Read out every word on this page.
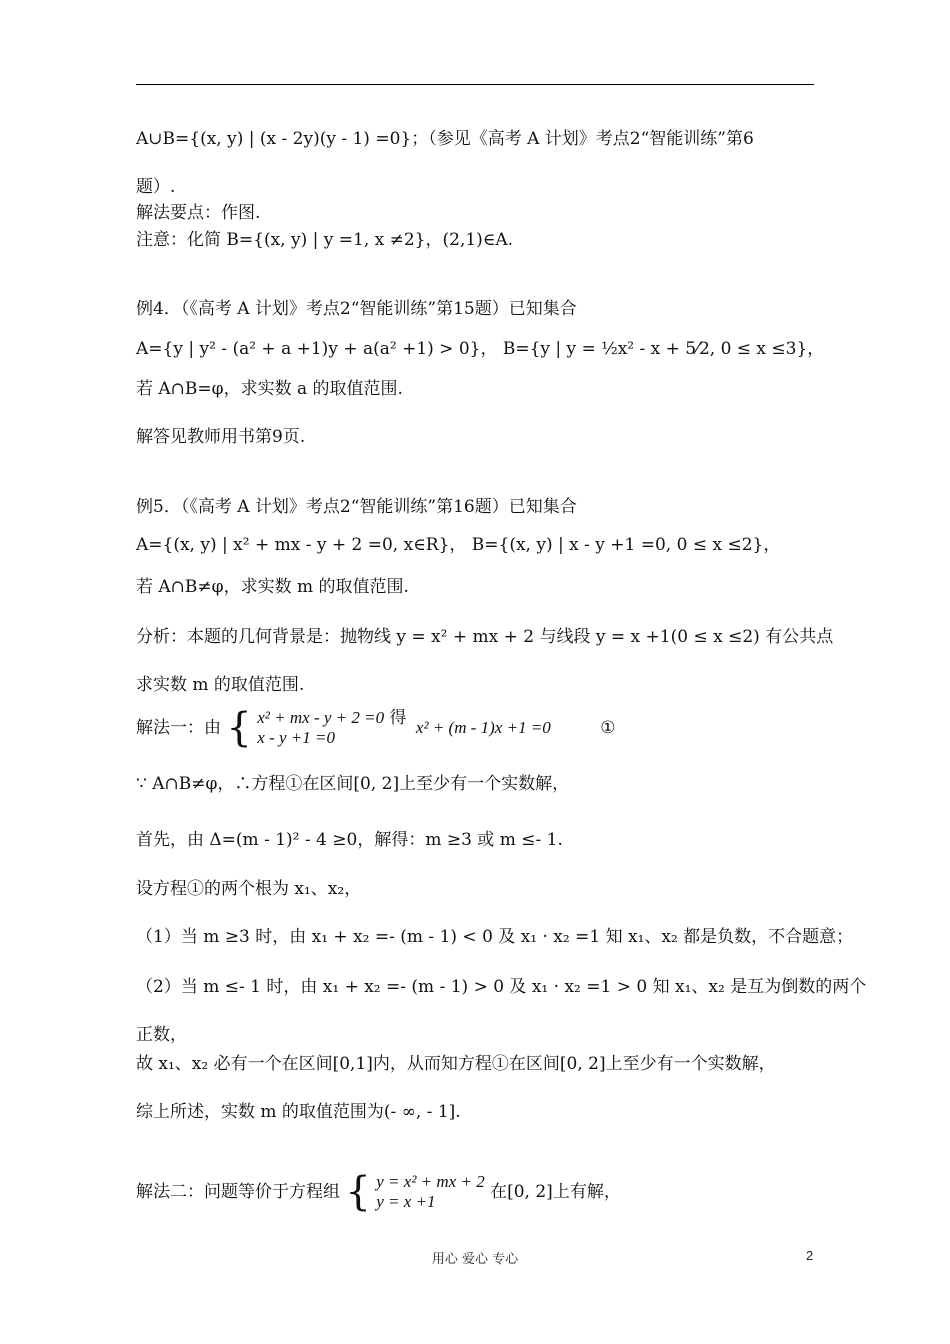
A∪B={(x, y) | (x - 2y)(y - 1) =0}；（参见《高考 A 计划》考点2“智能训练”第6
题）.
解法要点：作图.
注意：化简 B={(x, y) | y =1, x ≠2}，(2,1)∈A.
例4．（《高考 A 计划》考点2“智能训练”第15题）已知集合
A={y | y² - (a² + a +1)y + a(a² +1) > 0}， B={y | y = ½x² - x + 5⁄2, 0 ≤ x ≤3}，
若 A∩B=φ，求实数 a 的取值范围.
解答见教师用书第9页.
例5．（《高考 A 计划》考点2“智能训练”第16题）已知集合
A={(x, y) | x² + mx - y + 2 =0, x∈R}， B={(x, y) | x - y +1 =0, 0 ≤ x ≤2}，
若 A∩B≠φ，求实数 m 的取值范围.
分析：本题的几何背景是：抛物线 y = x² + mx + 2 与线段 y = x +1(0 ≤ x ≤2) 有公共点
求实数 m 的取值范围.
∵ A∩B≠φ，∴方程①在区间[0, 2]上至少有一个实数解，
首先，由 Δ=(m - 1)² - 4 ≥0，解得：m ≥3 或 m ≤- 1.
设方程①的两个根为 x₁、x₂，
（1）当 m ≥3 时，由 x₁ + x₂ =- (m - 1) < 0 及 x₁ · x₂ =1 知 x₁、x₂ 都是负数，不合题意；
（2）当 m ≤- 1 时，由 x₁ + x₂ =- (m - 1) > 0 及 x₁ · x₂ =1 > 0 知 x₁、x₂ 是互为倒数的两个
正数，
故 x₁、x₂ 必有一个在区间[0,1]内，从而知方程①在区间[0, 2]上至少有一个实数解，
综上所述，实数 m 的取值范围为(- ∞, - 1].
解法一：由 { x² + mx - y + 2 =0 得
x - y +1 =0 x² + (m - 1)x +1 =0	①
解法二：问题等价于方程组 { y = x² + mx + 2
y = x +1	在[0, 2]上有解，
用心 爱心 专心	2
